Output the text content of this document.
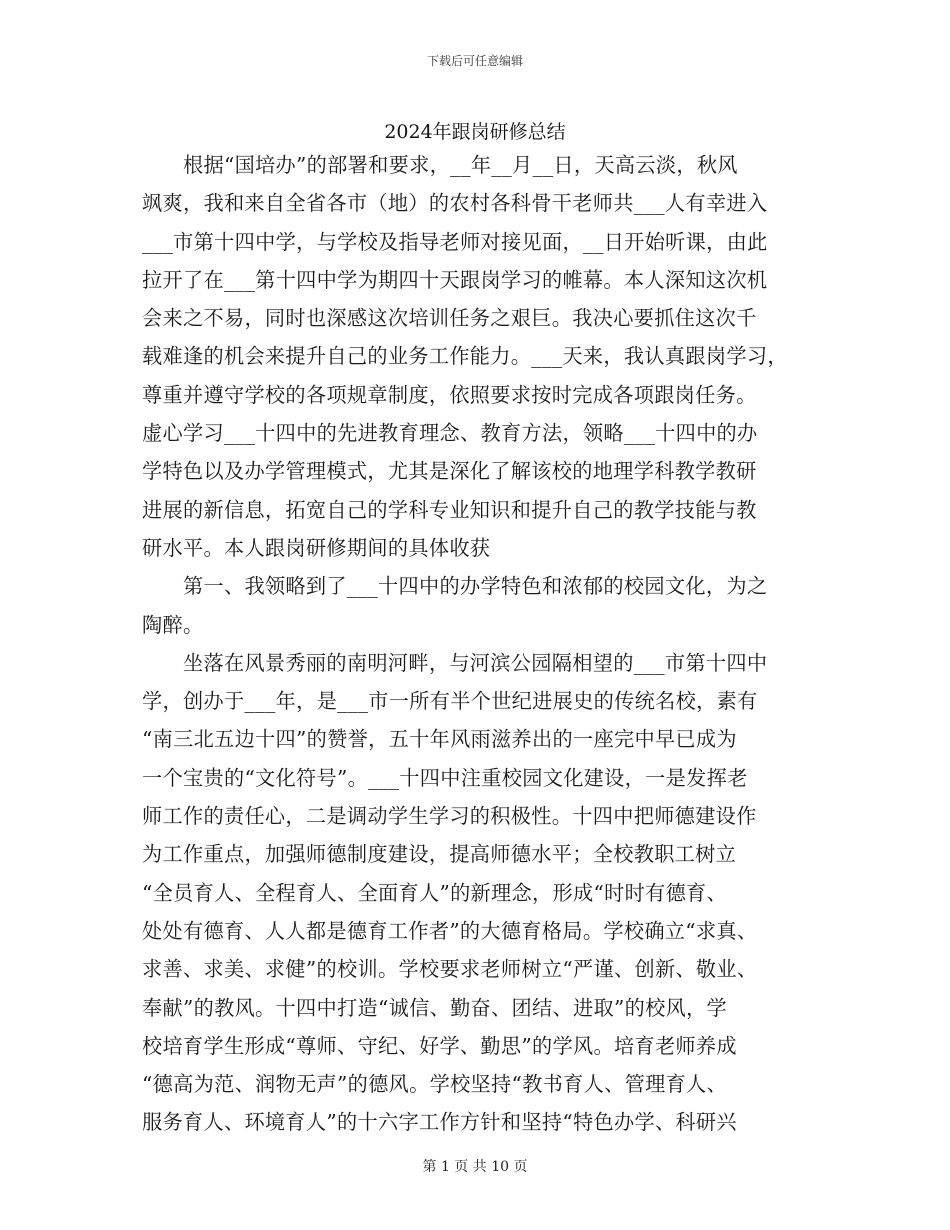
下载后可任意编辑
2024年跟岗研修总结
　　根据“国培办”的部署和要求，__年__月__日，天高云淡，秋风
飒爽，我和来自全省各市（地）的农村各科骨干老师共___人有幸进入
___市第十四中学，与学校及指导老师对接见面，__日开始听课，由此
拉开了在___第十四中学为期四十天跟岗学习的帷幕。本人深知这次机
会来之不易，同时也深感这次培训任务之艰巨。我决心要抓住这次千
载难逢的机会来提升自己的业务工作能力。___天来，我认真跟岗学习，
尊重并遵守学校的各项规章制度，依照要求按时完成各项跟岗任务。
虚心学习___十四中的先进教育理念、教育方法，领略___十四中的办
学特色以及办学管理模式，尤其是深化了解该校的地理学科教学教研
进展的新信息，拓宽自己的学科专业知识和提升自己的教学技能与教
研水平。本人跟岗研修期间的具体收获
　　第一、我领略到了___十四中的办学特色和浓郁的校园文化，为之
陶醉。
　　坐落在风景秀丽的南明河畔，与河滨公园隔相望的___市第十四中
学，创办于___年，是___市一所有半个世纪进展史的传统名校，素有
“南三北五边十四”的赞誉，五十年风雨滋养出的一座完中早已成为
一个宝贵的“文化符号”。___十四中注重校园文化建设，一是发挥老
师工作的责任心，二是调动学生学习的积极性。十四中把师德建设作
为工作重点，加强师德制度建设，提高师德水平；全校教职工树立
“全员育人、全程育人、全面育人”的新理念，形成“时时有德育、
处处有德育、人人都是德育工作者”的大德育格局。学校确立“求真、
求善、求美、求健”的校训。学校要求老师树立“严谨、创新、敬业、
奉献”的教风。十四中打造“诚信、勤奋、团结、进取”的校风，学
校培育学生形成“尊师、守纪、好学、勤思”的学风。培育老师养成
“德高为范、润物无声”的德风。学校坚持“教书育人、管理育人、
服务育人、环境育人”的十六字工作方针和坚持“特色办学、科研兴
第 1 页 共 10 页
